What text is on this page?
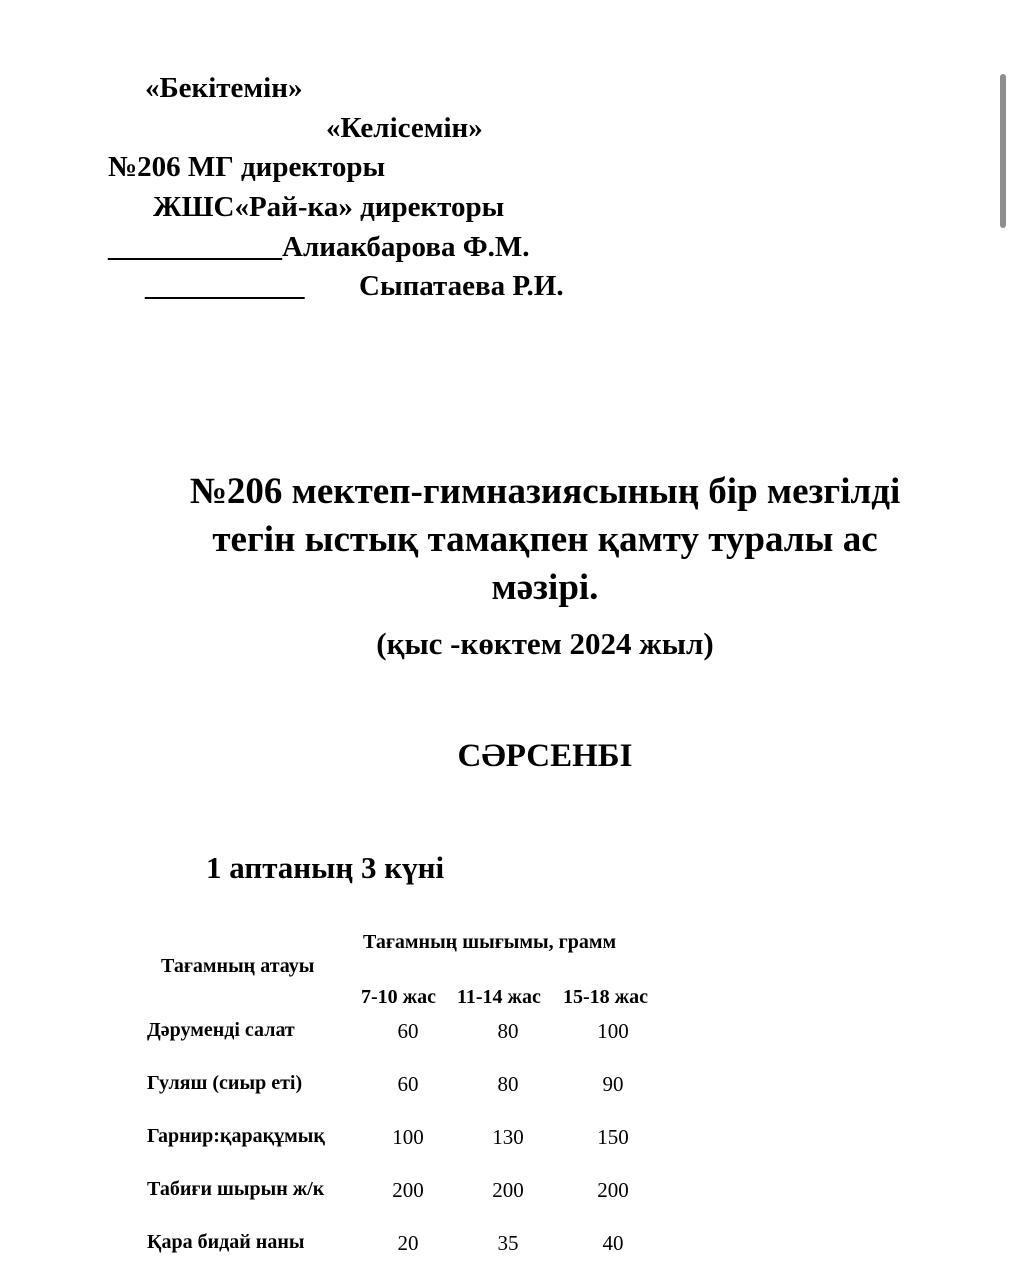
«Бекітемін»
«Келісемін»
№206 МГ директоры
ЖШС«Рай-ка» директоры
____________Алиакбарова Ф.М.
___________ Сыпатаева Р.И.
№206 мектеп-гимназиясының бір мезгілді
тегін ыстық тамақпен қамту туралы ас
мәзірі.
(қыс -көктем 2024 жыл)
СӘРСЕНБІ
1 аптаның 3 күні
Тағамның атауы
Тағамның шығымы, грамм
7-10 жас 11-14 жас 15-18 жас
Дәруменді салат	60	80	100
Гуляш (сиыр еті)	60	80	90
Гарнир:қарақұмық	100	130	150
Табиғи шырын ж/к	200	200	200
Қара бидай наны	20	35	40
